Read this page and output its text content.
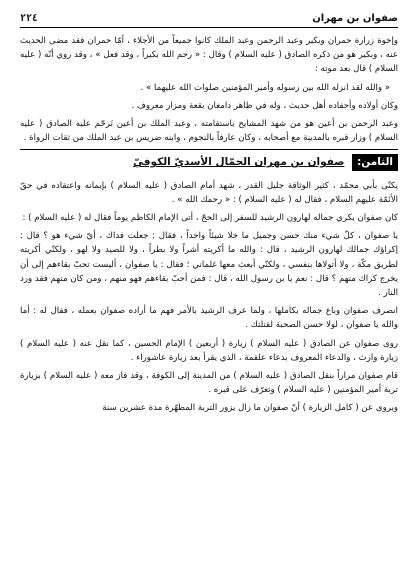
صفوان بن مهران
٢٢٤

وإخوة زرارة حمران وبكير وعبد الرحمن وعبد الملك كانوا جميعاً من الأجلاء ، أمّا حمران فقد مضى الحديث عنه ، وبكير هو من ذكره الصادق ( عليه السلام ) وقال : « رحم الله بكيراً ، وقد فعل » ، وقد روي أنّه ( عليه السلام ) قال بعد موته :

« والله لقد انزله الله بين رسوله وأمير المؤمنين صلوات الله عليهما » .

وكان أولاده وأحفاده أهل حديث ، وله في ظاهر دامغان بقعة ومزار معروف .

وعبد الرحمن بن أعين هو من شهد المشايخ باستقامته ، وعبد الملك بن أعين تَرحّم عليه الصادق ( عليه السلام ) وزار قبره بالمدينة مع أصحابه ، وكان عارفاً بالنجوم ، وابنه ضريس بن عبد الملك من ثقات الرواة .

الثامن: صفوان بن مهران الجمّال الأسديّ الكوفيّ

يكنّى بأبي محمّد ، كثير الوثاقة جليل القدر ، شهد أمام الصادق ( عليه السلام ) بإيمانه واعتقاده في حقّ الأئمّة عليهم السلام ، فقال له ( عليه السلام ) : « رحمك الله » .

كان صفوان يكري جماله لهارون الرشيد للسفر إلى الحجّ ، أتى الإمام الكاظم يوماً فقال له ( عليه السلام ) :

يا صفوان ، كلّ شيء منك حسن وجميل ما خلا شيئاً واحداً ، فقال : جعلت فداك ، أيّ شيء هو ؟ قال : إكراؤك جمالك لهارون الرشيد ، قال : والله ما أكريته أشراً ولا بطراً ، ولا للصيد ولا لهو ، ولكنّي أكريته لطريق مكّة ، ولا أتولاها بنفسي ، ولكنّي أبعث معها غلماني ؛ فقال : يا صفوان ، أليست تحبّ بقاءهم إلى أن يخرج كراك منهم ؟ قال : نعم يا بن رسول الله ، قال : فمن أحبّ بقاءهم فهو منهم ، ومن كان منهم فقد ورد النار .

انصرف صفوان وباع جماله بكاملها ، ولما عرف الرشيد بالأمر فهم ما أراده صفوان بعمله ، فقال له : أما والله يا صفوان ، لولا حسن الصحبة لقتلتك .

روى صفوان عن الصادق ( عليه السلام ) زيارة ( أربعين ) الإمام الحسين ، كما نقل عنه ( عليه السلام ) زيارة وارث ، والدعاء المعروف بدعاء علقمة ، الذي يقرأ بعد زيارة عاشوراء .

قام صفوان مراراً بنقل الصادق ( عليه السلام ) من المدينة إلى الكوفة ، وقد فاز معه ( عليه السلام ) بزيارة تربة أمير المؤمنين ( عليه السلام ) وتعرّف على قبره .

ويروى عن ( كامل الزيارة ) أنّ صفوان ما زال يزور التربة المطهّرة مدة عشرين سنة
